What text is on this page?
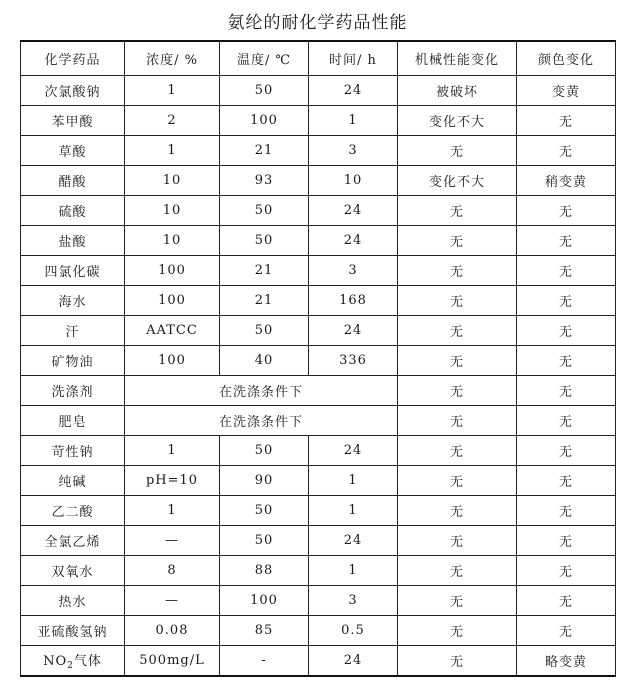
氨纶的耐化学药品性能
化学药品	浓度/ %	温度/ ℃	时间/ h	机械性能变化	颜色变化
次氯酸钠	1	50	24	被破坏	变黄
苯甲酸	2	100	1	变化不大	无
草酸	1	21	3	无	无
醋酸	10	93	10	变化不大	稍变黄
硫酸	10	50	24	无	无
盐酸	10	50	24	无	无
四氯化碳	100	21	3	无	无
海水	100	21	168	无	无
汗	AATCC	50	24	无	无
矿物油	100	40	336	无	无
洗涤剂	在洗涤条件下			无	无
肥皂	在洗涤条件下			无	无
苛性钠	1	50	24	无	无
纯碱	pH=10	90	1	无	无
乙二酸	1	50	1	无	无
全氯乙烯	—	50	24	无	无
双氧水	8	88	1	无	无
热水	—	100	3	无	无
亚硫酸氢钠	0.08	85	0.5	无	无
$NO_2$气体	500mg/L	-	24	无	略变黄
